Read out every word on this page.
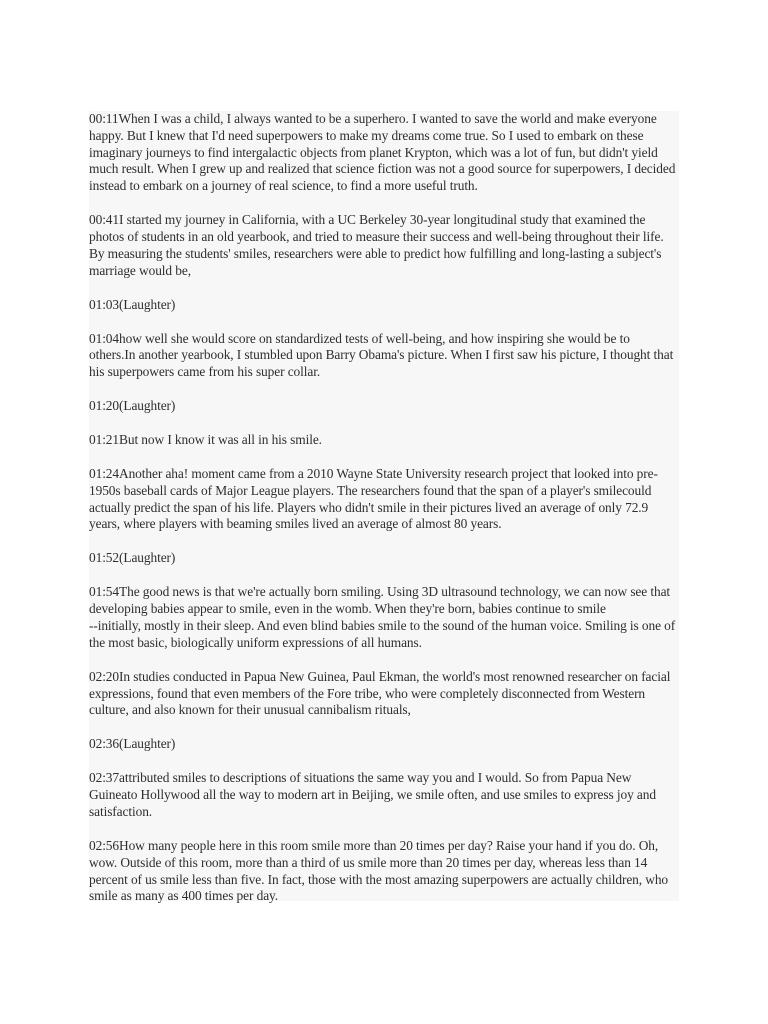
00:11When I was a child, I always wanted to be a superhero. I wanted to save the world and make everyone happy. But I knew that I'd need superpowers to make my dreams come true. So I used to embark on these imaginary journeys to find intergalactic objects from planet Krypton, which was a lot of fun, but didn't yield much result. When I grew up and realized that science fiction was not a good source for superpowers, I decided instead to embark on a journey of real science, to find a more useful truth.

00:41I started my journey in California, with a UC Berkeley 30-year longitudinal study that examined the photos of students in an old yearbook, and tried to measure their success and well-being throughout their life. By measuring the students' smiles, researchers were able to predict how fulfilling and long-lasting a subject's marriage would be,

01:03(Laughter)

01:04how well she would score on standardized tests of well-being, and how inspiring she would be to others.In another yearbook, I stumbled upon Barry Obama's picture. When I first saw his picture, I thought that his superpowers came from his super collar.

01:20(Laughter)

01:21But now I know it was all in his smile.

01:24Another aha! moment came from a 2010 Wayne State University research project that looked into pre-1950s baseball cards of Major League players. The researchers found that the span of a player's smilecould actually predict the span of his life. Players who didn't smile in their pictures lived an average of only 72.9 years, where players with beaming smiles lived an average of almost 80 years.

01:52(Laughter)

01:54The good news is that we're actually born smiling. Using 3D ultrasound technology, we can now see that developing babies appear to smile, even in the womb. When they're born, babies continue to smile
--initially, mostly in their sleep. And even blind babies smile to the sound of the human voice. Smiling is one of the most basic, biologically uniform expressions of all humans.

02:20In studies conducted in Papua New Guinea, Paul Ekman, the world's most renowned researcher on facial expressions, found that even members of the Fore tribe, who were completely disconnected from Western culture, and also known for their unusual cannibalism rituals,

02:36(Laughter)

02:37attributed smiles to descriptions of situations the same way you and I would. So from Papua New Guineato Hollywood all the way to modern art in Beijing, we smile often, and use smiles to express joy and satisfaction.

02:56How many people here in this room smile more than 20 times per day? Raise your hand if you do. Oh, wow. Outside of this room, more than a third of us smile more than 20 times per day, whereas less than 14 percent of us smile less than five. In fact, those with the most amazing superpowers are actually children, who smile as many as 400 times per day.
